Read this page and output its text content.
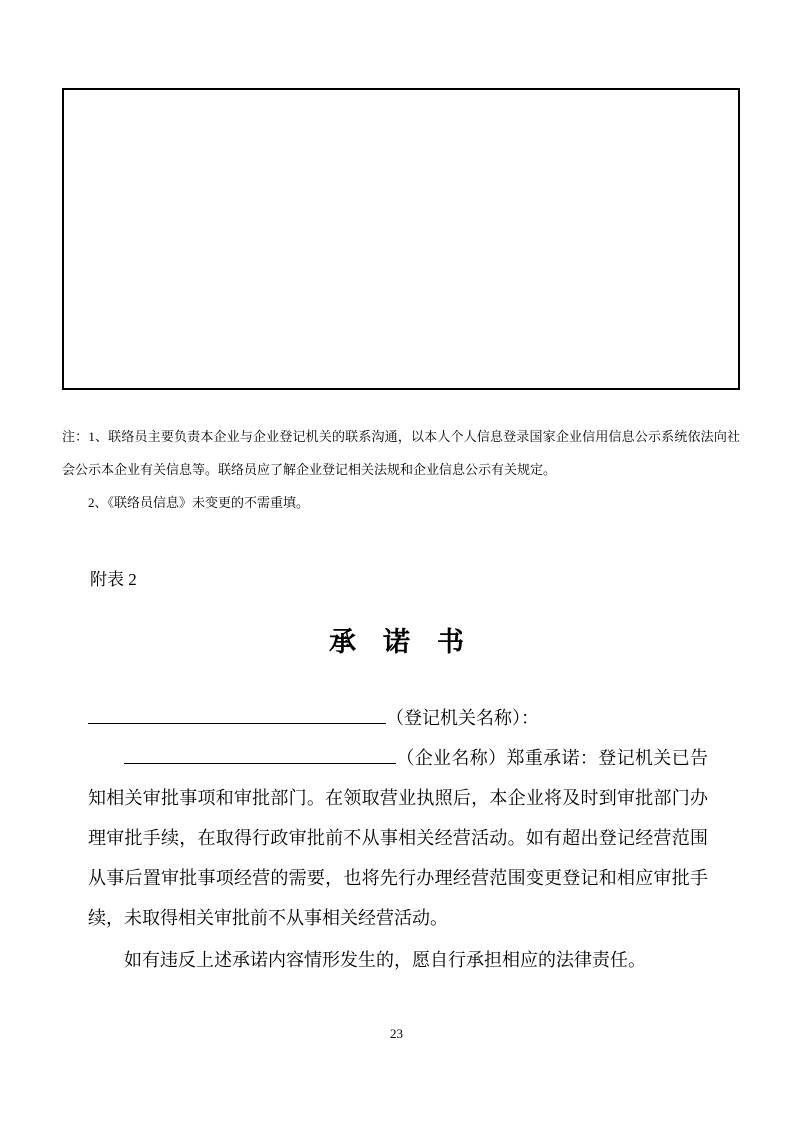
注：1、联络员主要负责本企业与企业登记机关的联系沟通，以本人个人信息登录国家企业信用信息公示系统依法向社会公示本企业有关信息等。联络员应了解企业登记相关法规和企业信息公示有关规定。

2、《联络员信息》未变更的不需重填。

附表 2
承　诺　书

（登记机关名称）：

（企业名称）郑重承诺：登记机关已告知相关审批事项和审批部门。在领取营业执照后，本企业将及时到审批部门办理审批手续，在取得行政审批前不从事相关经营活动。如有超出登记经营范围从事后置审批事项经营的需要，也将先行办理经营范围变更登记和相应审批手续，未取得相关审批前不从事相关经营活动。

如有违反上述承诺内容情形发生的，愿自行承担相应的法律责任。

23
